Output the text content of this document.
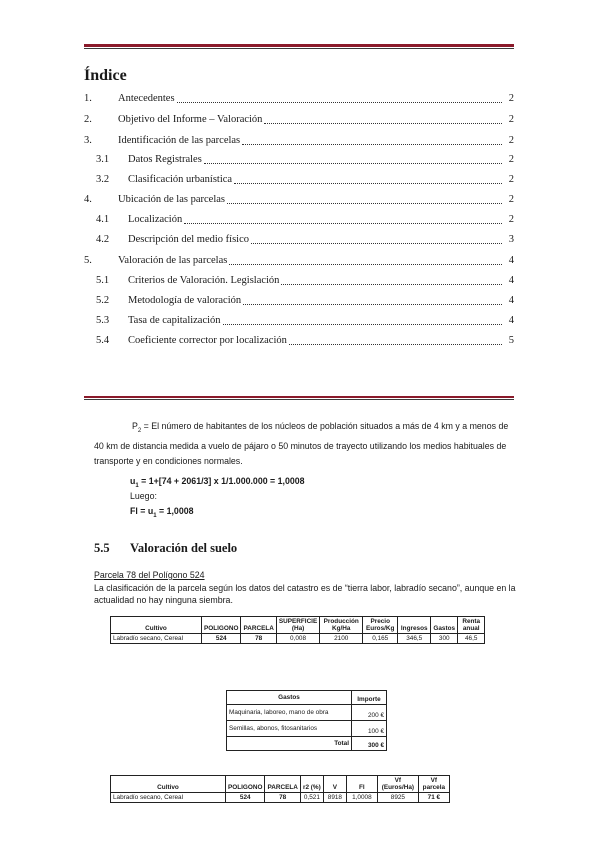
Índice
1.	Antecedentes	2
2.	Objetivo del Informe – Valoración	2
3.	Identificación de las parcelas	2
3.1	Datos Registrales	2
3.2	Clasificación urbanística	2
4.	Ubicación de las parcelas	2
4.1	Localización	2
4.2	Descripción del medio físico	3
5.	Valoración de las parcelas	4
5.1	Criterios de Valoración. Legislación	4
5.2	Metodología de valoración	4
5.3	Tasa de capitalización	4
5.4	Coeficiente corrector por localización	5

$P_2 = El$ número de habitantes de los núcleos de población situados a más de 4 km y a menos de 40 km de distancia medida a vuelo de pájaro o 50 minutos de trayecto utilizando los medios habituales de transporte y en condiciones normales.

$u_1 = 1+[74 + 2061/3]$ x 1/1.000.000 = 1,0008

Luego:

$Fl = u_1 = 1,0008$

5.5 Valoración del suelo

Parcela 78 del Polígono 524

La clasificación de la parcela según los datos del catastro es de “tierra labor, labradío secano”, aunque en la actualidad no hay ninguna siembra.

Cultivo	POLIGONO	PARCELA	SUPERFICIE (Ha)	Producción Kg/Ha	Precio Euros/Kg	Ingresos	Gastos	Renta anual
Labradío secano, Cereal	524	78	0,008	2100	0,165	346,5	300	46,5
Gastos	Importe
Maquinaria, laboreo, mano de obra	200 €
Semillas, abonos, fitosanitarios	100 €
Total	300 €
Cultivo	POLIGONO	PARCELA	r2 (%)	V	Fl	Vf (Euros/Ha)	Vf parcela
Labradío secano, Cereal	524	78	0,521	8918	1,0008	8925	71 €
